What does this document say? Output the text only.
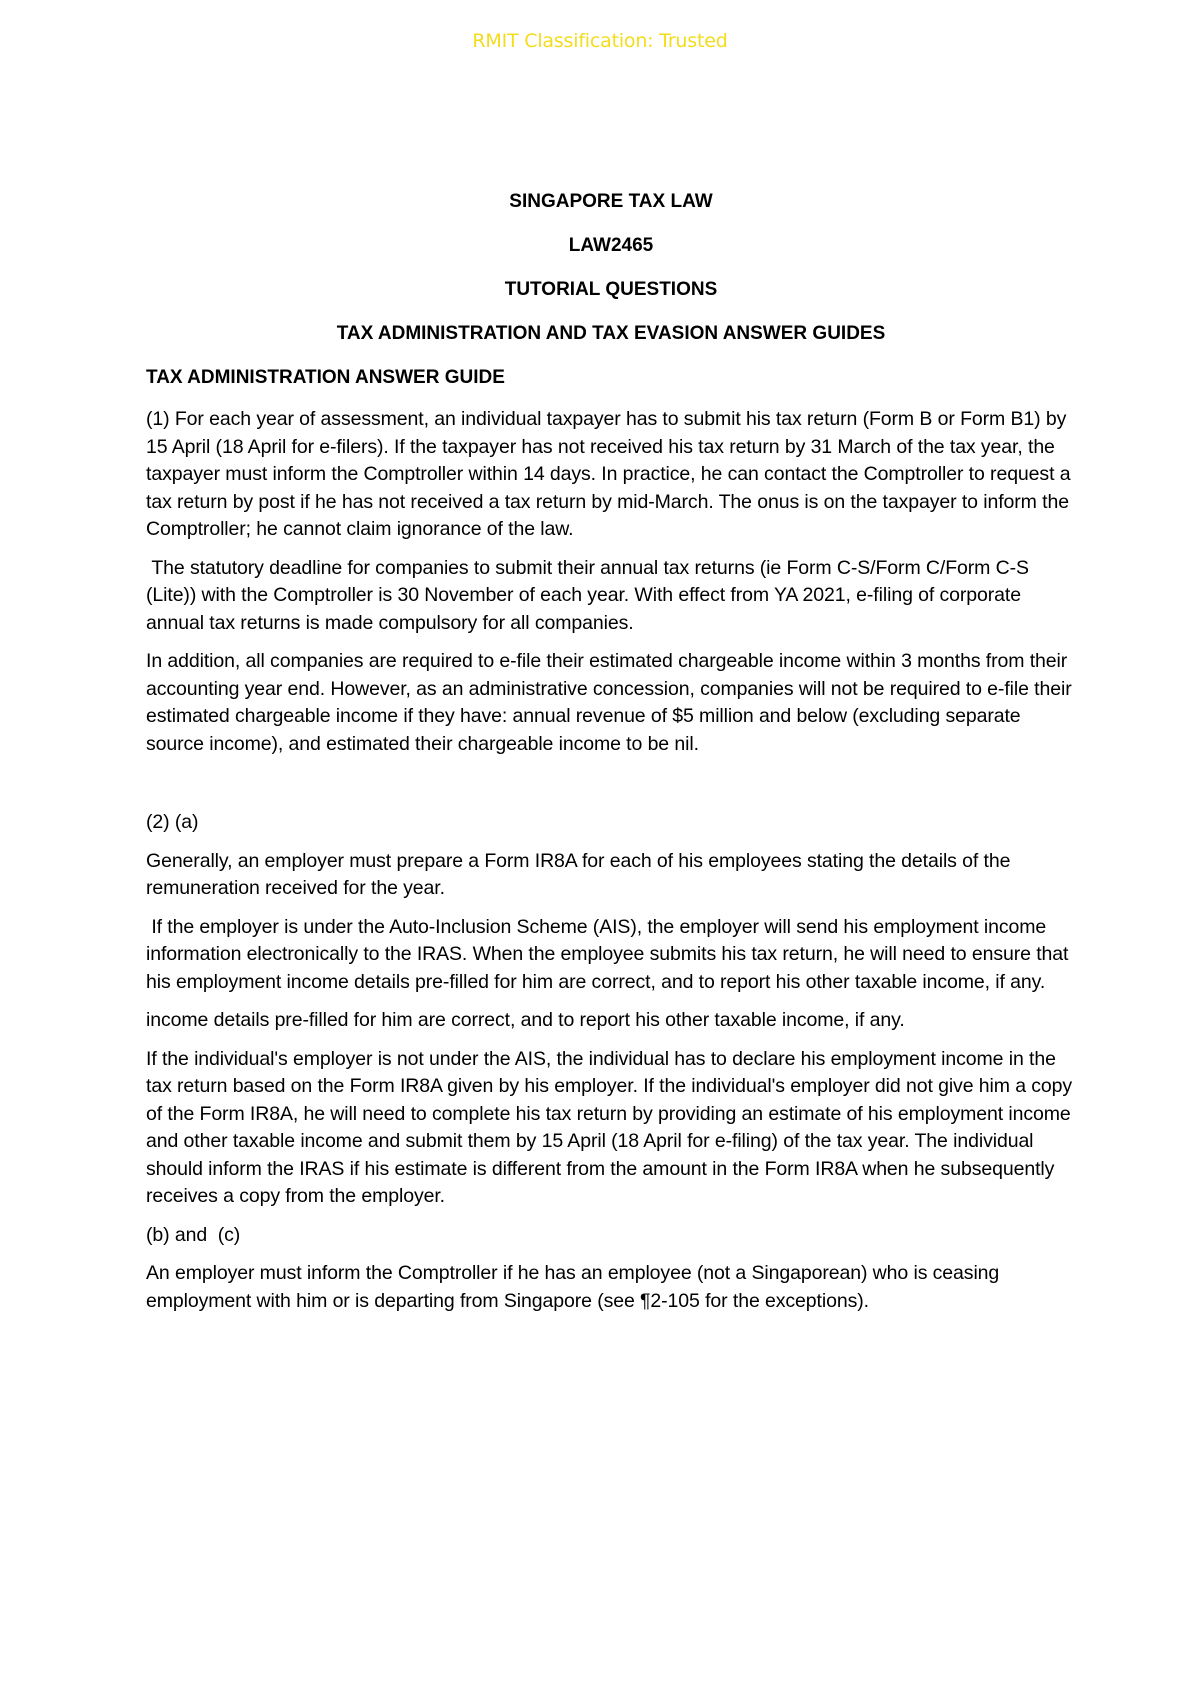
RMIT Classification: Trusted
SINGAPORE TAX LAW
LAW2465
TUTORIAL QUESTIONS
TAX ADMINISTRATION AND TAX EVASION ANSWER GUIDES
TAX ADMINISTRATION ANSWER GUIDE

(1) For each year of assessment, an individual taxpayer has to submit his tax return (Form B or Form B1) by 15 April (18 April for e-filers). If the taxpayer has not received his tax return by 31 March of the tax year, the taxpayer must inform the Comptroller within 14 days. In practice, he can contact the Comptroller to request a tax return by post if he has not received a tax return by mid-March. The onus is on the taxpayer to inform the Comptroller; he cannot claim ignorance of the law.

The statutory deadline for companies to submit their annual tax returns (ie Form C-S/Form C/Form C-S (Lite)) with the Comptroller is 30 November of each year. With effect from YA 2021, e-filing of corporate annual tax returns is made compulsory for all companies.

In addition, all companies are required to e-file their estimated chargeable income within 3 months from their accounting year end. However, as an administrative concession, companies will not be required to e-file their estimated chargeable income if they have: annual revenue of $5 million and below (excluding separate source income), and estimated their chargeable income to be nil.

(2) (a)

Generally, an employer must prepare a Form IR8A for each of his employees stating the details of the remuneration received for the year.

If the employer is under the Auto-Inclusion Scheme (AIS), the employer will send his employment income information electronically to the IRAS. When the employee submits his tax return, he will need to ensure that his employment income details pre-filled for him are correct, and to report his other taxable income, if any.

income details pre-filled for him are correct, and to report his other taxable income, if any.

If the individual's employer is not under the AIS, the individual has to declare his employment income in the tax return based on the Form IR8A given by his employer. If the individual's employer did not give him a copy of the Form IR8A, he will need to complete his tax return by providing an estimate of his employment income and other taxable income and submit them by 15 April (18 April for e-filing) of the tax year. The individual should inform the IRAS if his estimate is different from the amount in the Form IR8A when he subsequently receives a copy from the employer.

(b) and  (c)

An employer must inform the Comptroller if he has an employee (not a Singaporean) who is ceasing employment with him or is departing from Singapore (see ¶2-105 for the exceptions).
